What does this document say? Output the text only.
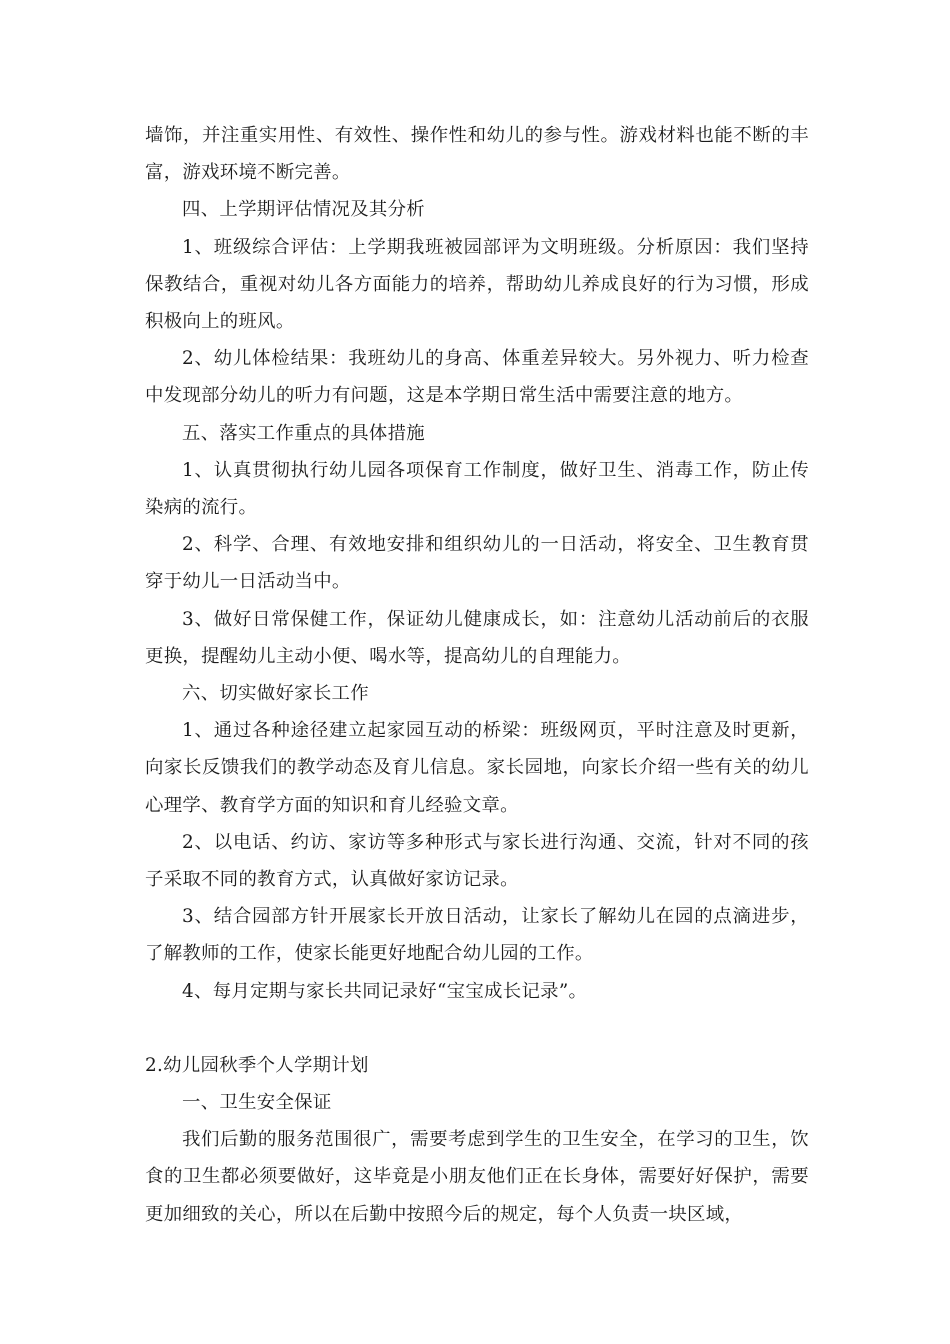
墙饰，并注重实用性、有效性、操作性和幼儿的参与性。游戏材料也能不断的丰富，游戏环境不断完善。

四、上学期评估情况及其分析

1、班级综合评估：上学期我班被园部评为文明班级。分析原因：我们坚持保教结合，重视对幼儿各方面能力的培养，帮助幼儿养成良好的行为习惯，形成积极向上的班风。

2、幼儿体检结果：我班幼儿的身高、体重差异较大。另外视力、听力检查中发现部分幼儿的听力有问题，这是本学期日常生活中需要注意的地方。

五、落实工作重点的具体措施

1、认真贯彻执行幼儿园各项保育工作制度，做好卫生、消毒工作，防止传染病的流行。

2、科学、合理、有效地安排和组织幼儿的一日活动，将安全、卫生教育贯穿于幼儿一日活动当中。

3、做好日常保健工作，保证幼儿健康成长，如：注意幼儿活动前后的衣服更换，提醒幼儿主动小便、喝水等，提高幼儿的自理能力。

六、切实做好家长工作

1、通过各种途径建立起家园互动的桥梁：班级网页，平时注意及时更新，向家长反馈我们的教学动态及育儿信息。家长园地，向家长介绍一些有关的幼儿心理学、教育学方面的知识和育儿经验文章。

2、以电话、约访、家访等多种形式与家长进行沟通、交流，针对不同的孩子采取不同的教育方式，认真做好家访记录。

3、结合园部方针开展家长开放日活动，让家长了解幼儿在园的点滴进步，了解教师的工作，使家长能更好地配合幼儿园的工作。

4、每月定期与家长共同记录好“宝宝成长记录”。

2.幼儿园秋季个人学期计划

一、卫生安全保证

我们后勤的服务范围很广，需要考虑到学生的卫生安全，在学习的卫生，饮食的卫生都必须要做好，这毕竟是小朋友他们正在长身体，需要好好保护，需要更加细致的关心，所以在后勤中按照今后的规定，每个人负责一块区域，
